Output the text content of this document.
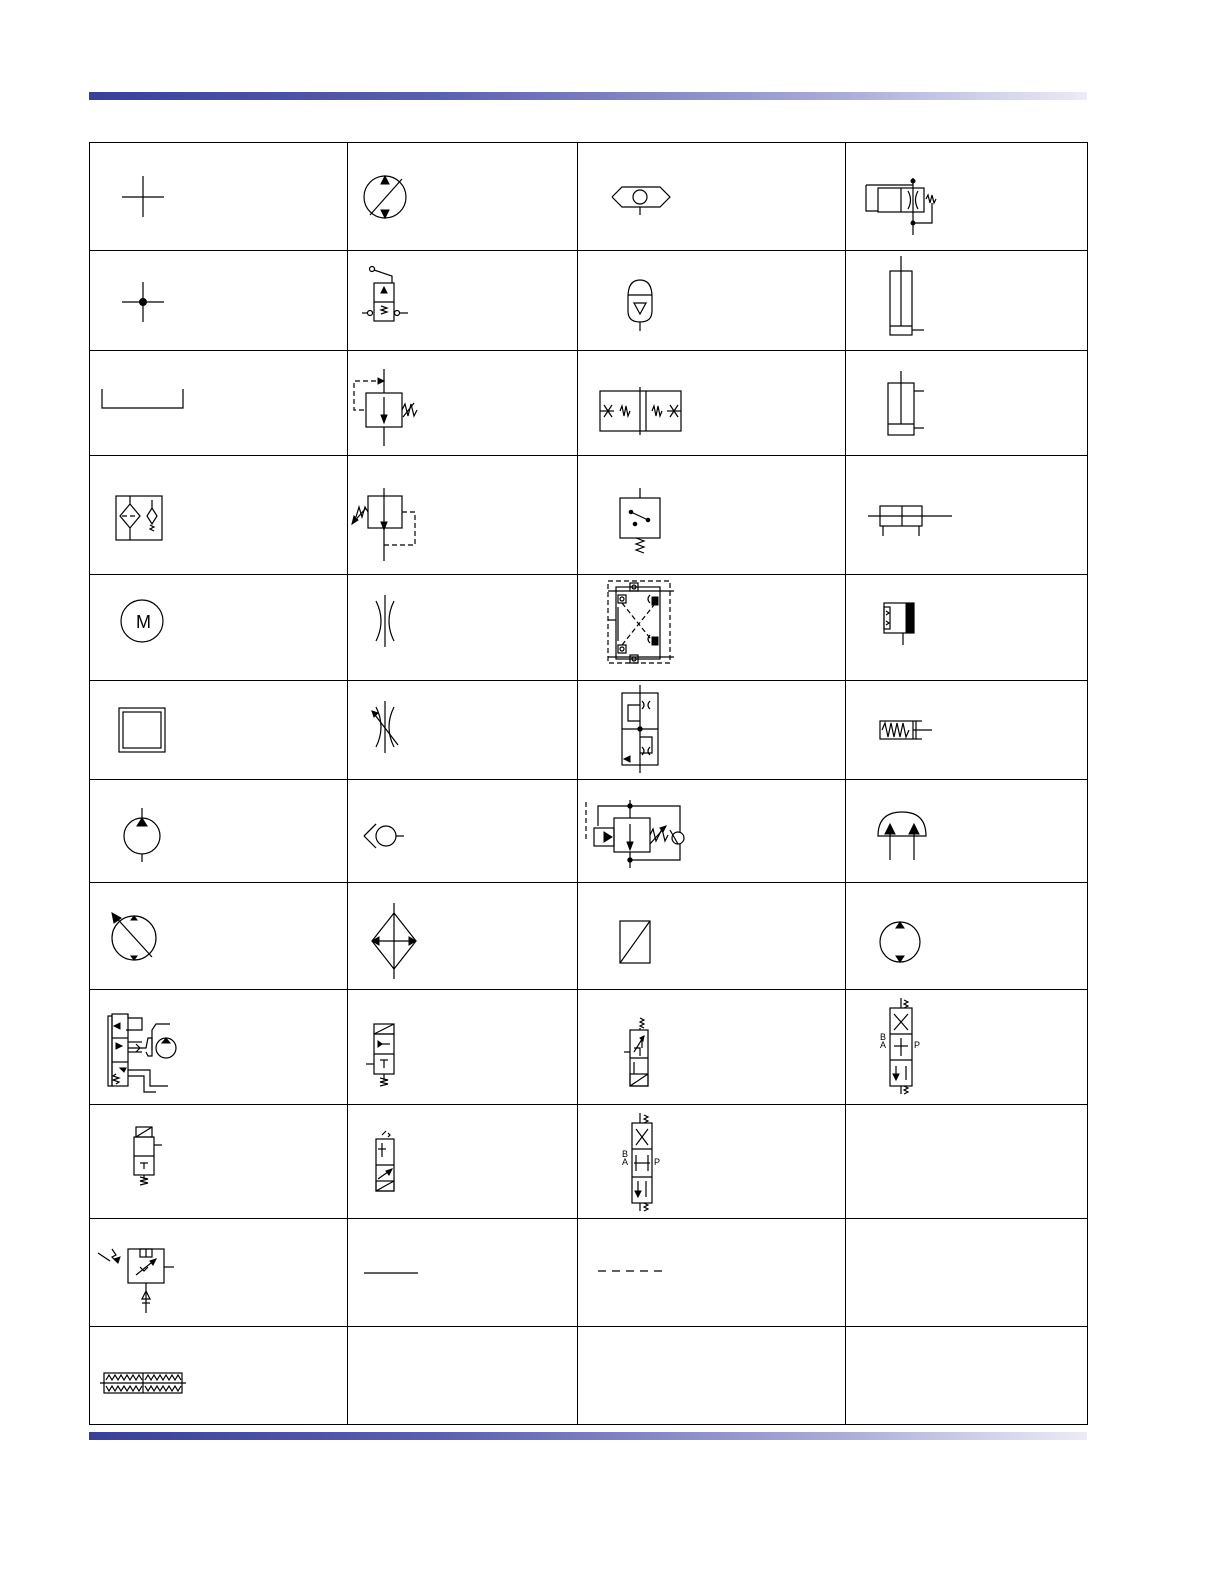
M

A
B
P

A
B
P	
